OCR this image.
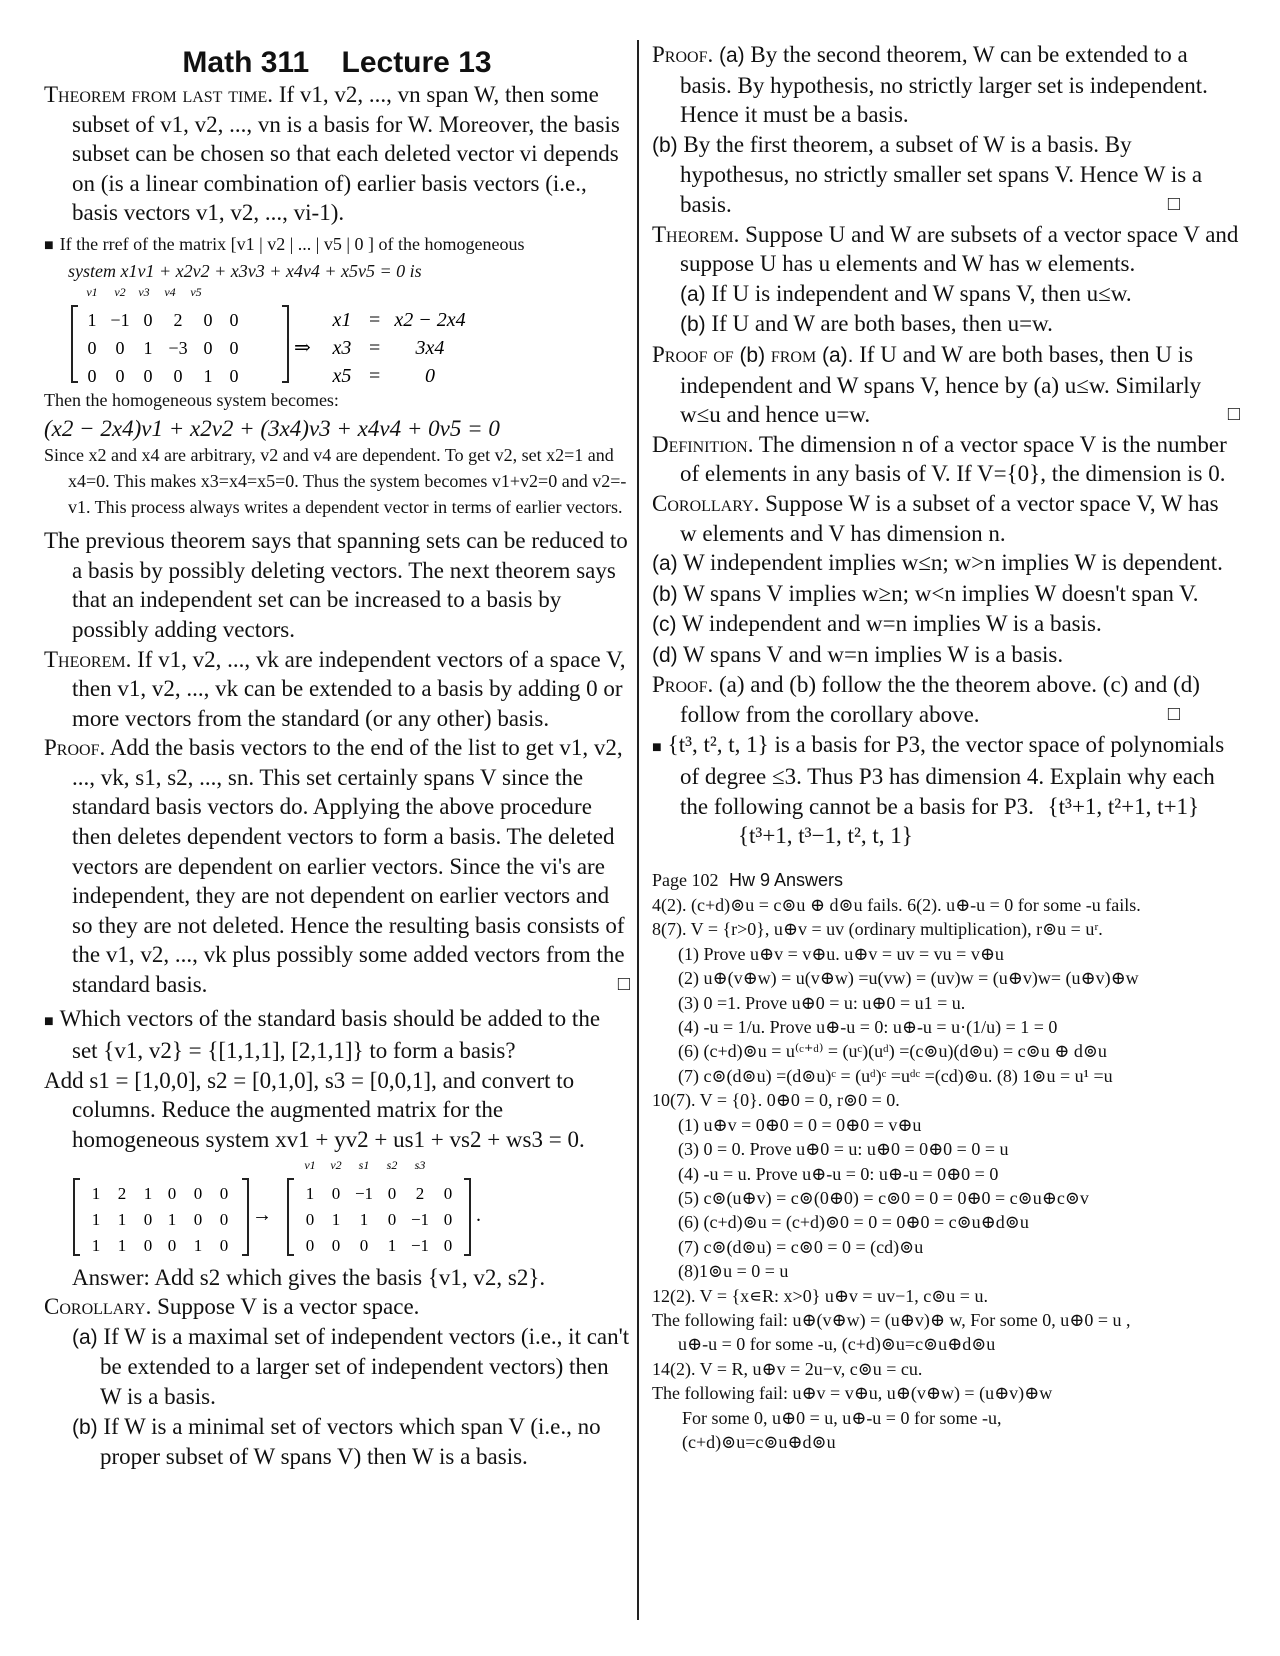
Math 311 Lecture 13

Theorem from last time. If v1, v2, ..., vn span W, then some subset of v1, v2, ..., vn is a basis for W. Moreover, the basis subset can be chosen so that each deleted vector vi depends on (is a linear combination of) earlier basis vectors (i.e., basis vectors v1, v2, ..., vi-1).

■ If the rref of the matrix [v1 | v2 | ... | v5 | 0 ] of the homogeneous
system x1v1 + x2v2 + x3v3 + x4v4 + x5v5 = 0 is

v1 v2 v3 v4 v5
1 −1 0 2 0 0
0 0 1 −3 0 0
0 0 0 0 1 0
⇒
x1 = x2 − 2x4
x3 = 3x4
x5 = 0

Then the homogeneous system becomes:

(x2 − 2x4)v1 + x2v2 + (3x4)v3 + x4v4 + 0v5 = 0

Since x2 and x4 are arbitrary, v2 and v4 are dependent. To get v2, set x2=1 and x4=0. This makes x3=x4=x5=0. Thus the system becomes v1+v2=0 and v2=-v1. This process always writes a dependent vector in terms of earlier vectors.

The previous theorem says that spanning sets can be reduced to a basis by possibly deleting vectors. The next theorem says that an independent set can be increased to a basis by possibly adding vectors.

Theorem. If v1, v2, ..., vk are independent vectors of a space V, then v1, v2, ..., vk can be extended to a basis by adding 0 or more vectors from the standard (or any other) basis.

Proof. Add the basis vectors to the end of the list to get v1, v2, ..., vk, s1, s2, ..., sn. This set certainly spans V since the standard basis vectors do. Applying the above procedure then deletes dependent vectors to form a basis. The deleted vectors are dependent on earlier vectors. Since the vi's are independent, they are not dependent on earlier vectors and so they are not deleted. Hence the resulting basis consists of the v1, v2, ..., vk plus possibly some added vectors from the standard basis.	□

■ Which vectors of the standard basis should be added to the set {v1, v2} = {[1,1,1], [2,1,1]} to form a basis?

Add s1 = [1,0,0], s2 = [0,1,0], s3 = [0,0,1], and convert to columns. Reduce the augmented matrix for the homogeneous system xv1 + yv2 + us1 + vs2 + ws3 = 0.

v1 v2 s1 s2 s3
1 2 1 0 0 0
1 1 0 1 0 0
1 1 0 0 1 0
1 0 −1 0 2 0
0 1 1 0 −1 0
0 0 0 1 −1 0
→	.

Answer: Add s2 which gives the basis {v1, v2, s2}.

Corollary. Suppose V is a vector space.

(a) If W is a maximal set of independent vectors (i.e., it can't be extended to a larger set of independent vectors) then W is a basis.

(b) If W is a minimal set of vectors which span V (i.e., no proper subset of W spans V) then W is a basis.

Proof. (a) By the second theorem, W can be extended to a basis. By hypothesis, no strictly larger set is independent. Hence it must be a basis.

(b) By the first theorem, a subset of W is a basis. By hypothesus, no strictly smaller set spans V. Hence W is a basis.	□

Theorem. Suppose U and W are subsets of a vector space V and suppose U has u elements and W has w elements.
(a) If U is independent and W spans V, then u≤w.
(b) If U and W are both bases, then u=w.

Proof of (b) from (a). If U and W are both bases, then U is independent and W spans V, hence by (a) u≤w. Similarly w≤u and hence u=w.	□

Definition. The dimension n of a vector space V is the number of elements in any basis of V. If V={0}, the dimension is 0.

Corollary. Suppose W is a subset of a vector space V, W has w elements and V has dimension n.

(a) W independent implies w≤n; w>n implies W is dependent.

(b) W spans V implies w≥n; w<n implies W doesn't span V.

(c) W independent and w=n implies W is a basis.

(d) W spans V and w=n implies W is a basis.

Proof. (a) and (b) follow the the theorem above. (c) and (d) follow from the corollary above.	□

■ {t³, t², t, 1} is a basis for P3, the vector space of polynomials of degree ≤3. Thus P3 has dimension 4. Explain why each the following cannot be a basis for P3. {t³+1, t²+1, t+1} {t³+1, t³−1, t², t, 1}

Page 102 Hw 9 Answers

4(2). (c+d)⊚u = c⊚u ⊕ d⊚u fails. 6(2). u⊕-u = 0 for some -u fails.

8(7). V = {r>0}, u⊕v = uv (ordinary multiplication), r⊚u = uʳ.

(1) Prove u⊕v = v⊕u. u⊕v = uv = vu = v⊕u

(2) u⊕(v⊕w) = u(v⊕w) =u(vw) = (uv)w = (u⊕v)w= (u⊕v)⊕w

(3) 0 =1. Prove u⊕0 = u: u⊕0 = u1 = u.

(4) -u = 1/u. Prove u⊕-u = 0: u⊕-u = u·(1/u) = 1 = 0

(6) (c+d)⊚u = u⁽ᶜ⁺ᵈ⁾ = (uᶜ)(uᵈ) =(c⊚u)(d⊚u) = c⊚u ⊕ d⊚u

(7) c⊚(d⊚u) =(d⊚u)ᶜ = (uᵈ)ᶜ =uᵈᶜ =(cd)⊚u. (8) 1⊚u = u¹ =u

10(7). V = {0}. 0⊕0 = 0, r⊚0 = 0.

(1) u⊕v = 0⊕0 = 0 = 0⊕0 = v⊕u

(3) 0 = 0. Prove u⊕0 = u: u⊕0 = 0⊕0 = 0 = u

(4) -u = u. Prove u⊕-u = 0: u⊕-u = 0⊕0 = 0

(5) c⊚(u⊕v) = c⊚(0⊕0) = c⊚0 = 0 = 0⊕0 = c⊚u⊕c⊚v

(6) (c+d)⊚u = (c+d)⊚0 = 0 = 0⊕0 = c⊚u⊕d⊚u

(7) c⊚(d⊚u) = c⊚0 = 0 = (cd)⊚u

(8)1⊚u = 0 = u

12(2). V = {x∊R: x>0} u⊕v = uv−1, c⊚u = u.

The following fail: u⊕(v⊕w) = (u⊕v)⊕ w, For some 0, u⊕0 = u ,

u⊕-u = 0 for some -u, (c+d)⊚u=c⊚u⊕d⊚u

14(2). V = R, u⊕v = 2u−v, c⊚u = cu.

The following fail: u⊕v = v⊕u, u⊕(v⊕w) = (u⊕v)⊕w

For some 0, u⊕0 = u, u⊕-u = 0 for some -u,

(c+d)⊚u=c⊚u⊕d⊚u
